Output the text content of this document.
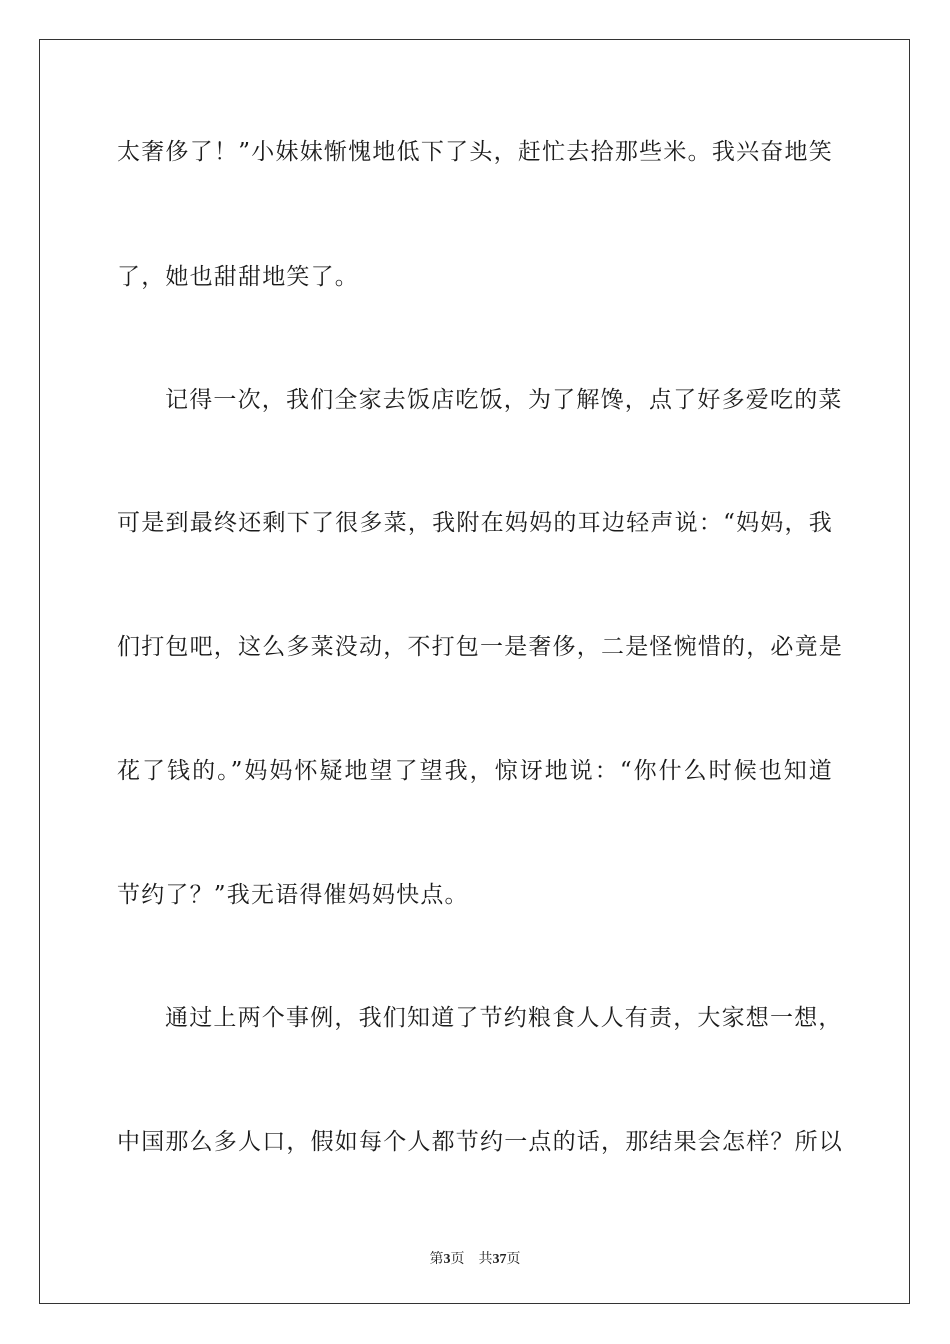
太奢侈了！”小妹妹惭愧地低下了头，赶忙去拾那些米。我兴奋地笑
了，她也甜甜地笑了。
记得一次，我们全家去饭店吃饭，为了解馋，点了好多爱吃的菜
可是到最终还剩下了很多菜，我附在妈妈的耳边轻声说：“妈妈，我
们打包吧，这么多菜没动，不打包一是奢侈，二是怪惋惜的，必竟是
花了钱的。”妈妈怀疑地望了望我，惊讶地说：“你什么时候也知道
节约了？”我无语得催妈妈快点。
通过上两个事例，我们知道了节约粮食人人有责，大家想一想，
中国那么多人口，假如每个人都节约一点的话，那结果会怎样？所以
第3页 共37页
